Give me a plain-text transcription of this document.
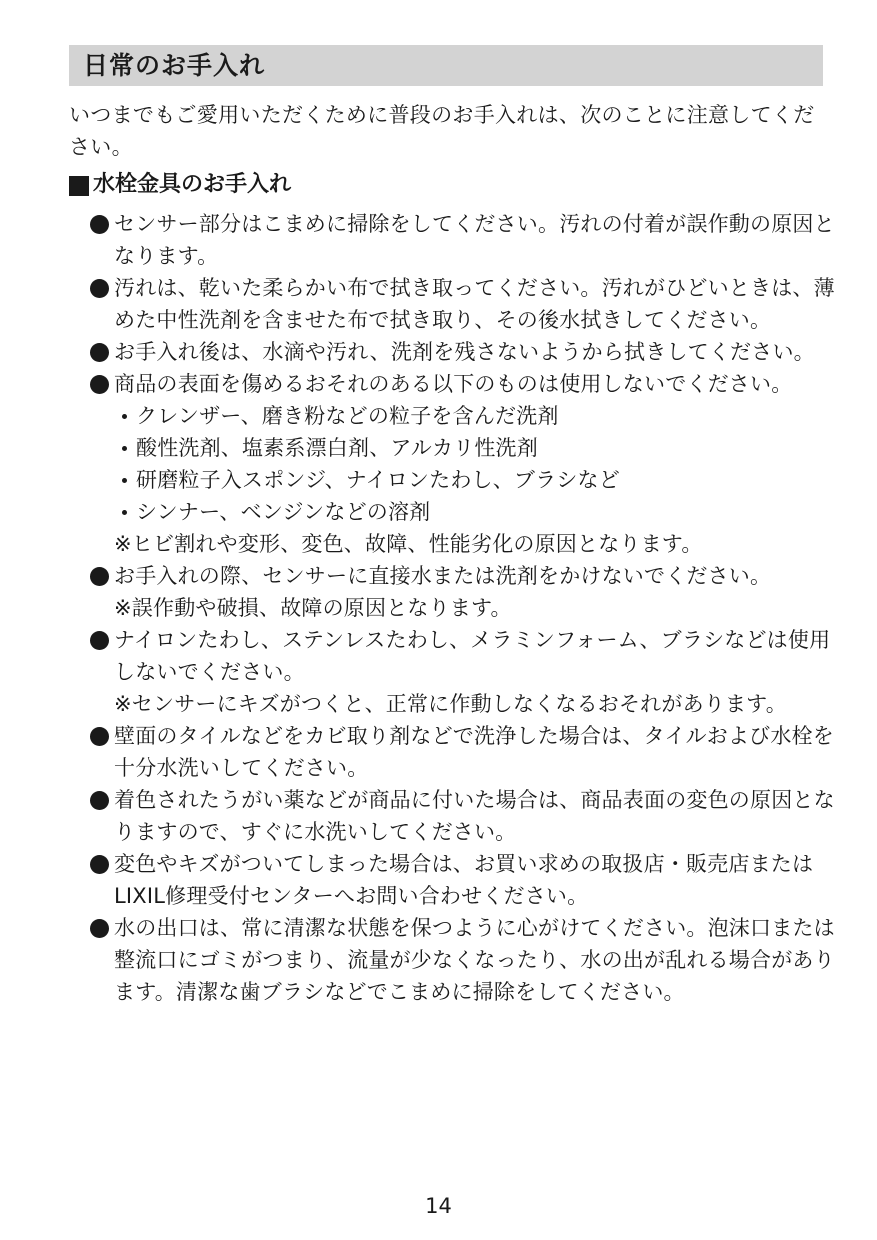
日常のお手入れ
いつまでもご愛用いただくために普段のお手入れは、次のことに注意してください。
水栓金具のお手入れ
センサー部分はこまめに掃除をしてください。汚れの付着が誤作動の原因となります。
汚れは、乾いた柔らかい布で拭き取ってください。汚れがひどいときは、薄めた中性洗剤を含ませた布で拭き取り、その後水拭きしてください。
お手入れ後は、水滴や汚れ、洗剤を残さないようから拭きしてください。
商品の表面を傷めるおそれのある以下のものは使用しないでください。
クレンザー、磨き粉などの粒子を含んだ洗剤
酸性洗剤、塩素系漂白剤、アルカリ性洗剤
研磨粒子入スポンジ、ナイロンたわし、ブラシなど
シンナー、ベンジンなどの溶剤
※ヒビ割れや変形、変色、故障、性能劣化の原因となります。
お手入れの際、センサーに直接水または洗剤をかけないでください。
※誤作動や破損、故障の原因となります。
ナイロンたわし、ステンレスたわし、メラミンフォーム、ブラシなどは使用しないでください。
※センサーにキズがつくと、正常に作動しなくなるおそれがあります。
壁面のタイルなどをカビ取り剤などで洗浄した場合は、タイルおよび水栓を十分水洗いしてください。
着色されたうがい薬などが商品に付いた場合は、商品表面の変色の原因となりますので、すぐに水洗いしてください。
変色やキズがついてしまった場合は、お買い求めの取扱店・販売店またはLIXIL修理受付センターへお問い合わせください。
水の出口は、常に清潔な状態を保つように心がけてください。泡沫口または整流口にゴミがつまり、流量が少なくなったり、水の出が乱れる場合があります。清潔な歯ブラシなどでこまめに掃除をしてください。
14
